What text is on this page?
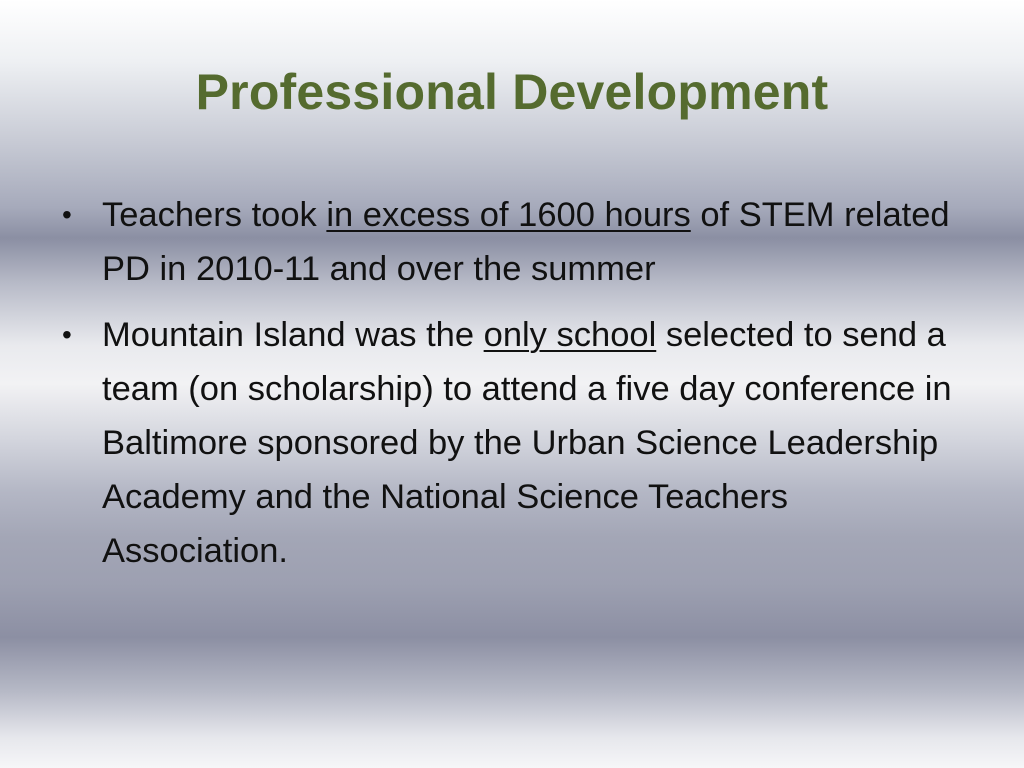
Professional Development
• Teachers took in excess of 1600 hours of STEM related PD in 2010-11 and over the summer
• Mountain Island was the only school selected to send a team (on scholarship) to attend a five day conference in Baltimore sponsored by the Urban Science Leadership Academy and the National Science Teachers Association.
